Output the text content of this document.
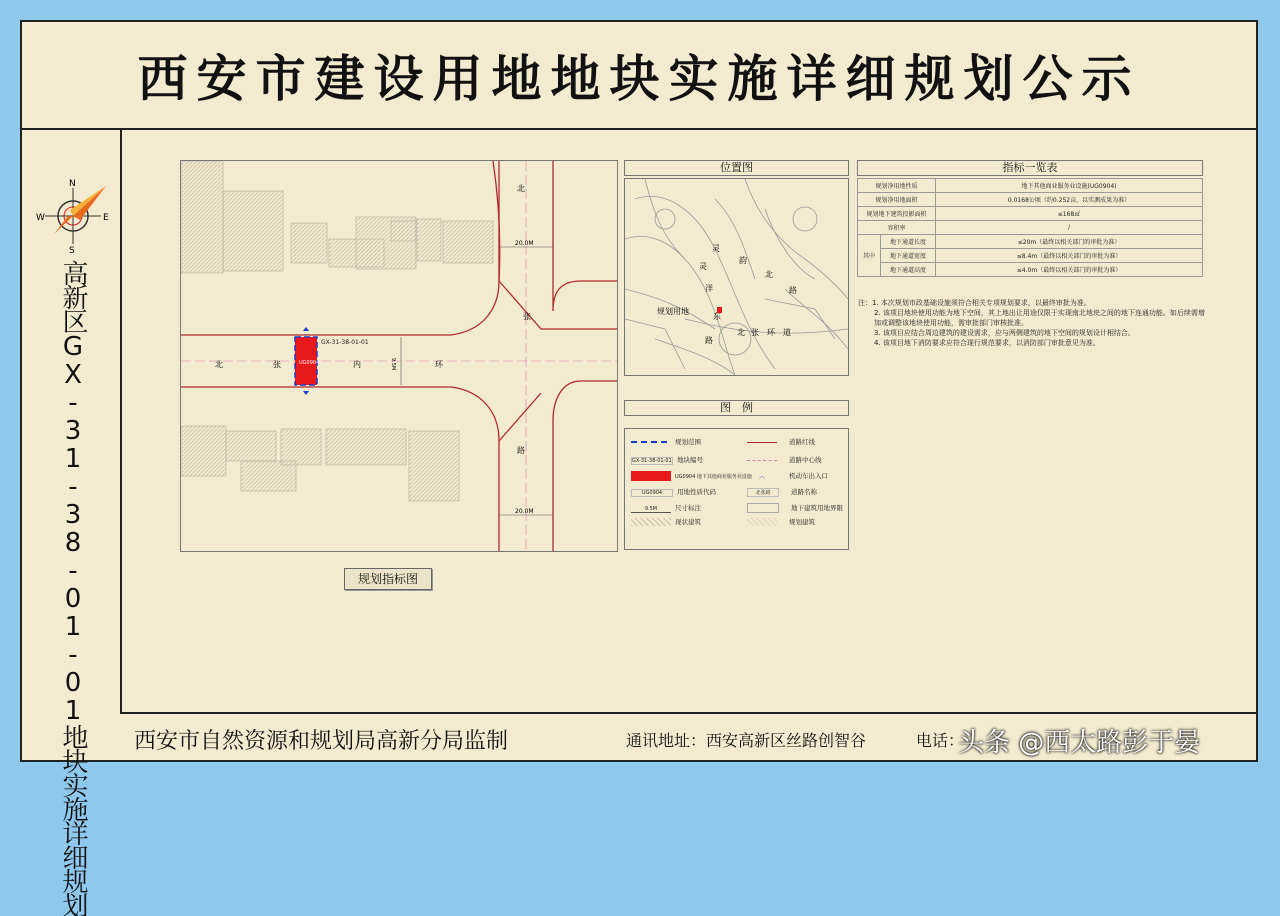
西安市建设用地地块实施详细规划公示
高新区GX-31-38-01-01地块实施详细规划 西安市自然资源和规划局高新分局监制	通讯地址：西安高新区丝路创智谷	电话：
头条 @西太路彭于晏
N
S
E
W
UG0904
GX-31-38-01-01
9.5M
20.0M
20.0M
北	张	内	环
北
张
路
位置图
灵
韵
北
灵
洋	路
东
路
北 张 环 道
规划用地
指标一览表
规划净用地性质		地下其他商业服务业设施(UG0904)
规划净用地面积		0.0168公顷（约0.252亩，以实测成果为准）
规划地下建筑投影面积		≤168㎡
容积率		/
其中	地下通道长度	≤20m（最终以相关部门的审批为准）
	地下通道宽度	≤8.4m（最终以相关部门的审批为准）
	地下通道高度	≤4.0m（最终以相关部门的审批为准）
注：1. 本次规划市政基础设施须符合相关专项规划要求，以最终审批为准。
2. 该项目地块使用功能为地下空间，其上地出让用途仅限于实现南北地块之间的地下连通功能。如后续需增加或调整该地块使用功能，需审批部门审核批准。
3. 该项目应结合周边建筑的建设需求，应与两侧建筑的地下空间的规划设计相结合。
4. 该项目地下消防要求应符合现行规范要求，以消防部门审批意见为准。
图　例
规划范围	道路红线
GX-31-38-01-01 地块编号	道路中心线
UG0904 地下其他商业服务业设施	︿	机动车出入口
UG0904 用地性质代码	北张路	道路名称
9.5M	尺寸标注	地下建筑用地界限
现状建筑	规划建筑
规划指标图
